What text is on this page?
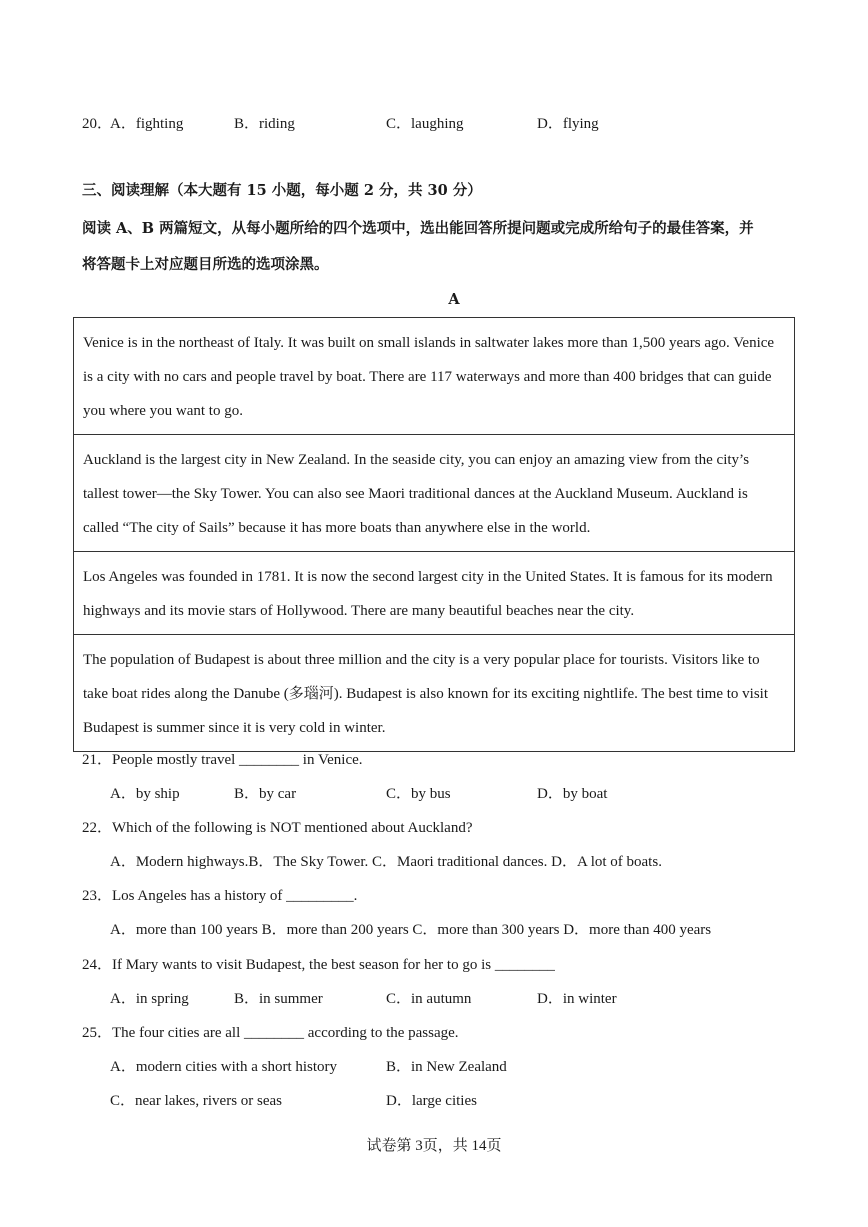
20．
A．fighting	B．riding	C．laughing	D．flying
三、阅读理解（本大题有 15 小题，每小题 2 分，共 30 分）
阅读 A、B 两篇短文，从每小题所给的四个选项中，选出能回答所提问题或完成所给句子的最佳答案，并
将答题卡上对应题目所选的选项涂黑。
A
Venice is in the northeast of Italy. It was built on small islands in saltwater lakes more than 1,500 years ago. Venice is a city with no cars and people travel by boat. There are 117 waterways and more than 400 bridges that can guide you where you want to go.
Auckland is the largest city in New Zealand. In the seaside city, you can enjoy an amazing view from the city’s tallest tower—the Sky Tower. You can also see Maori traditional dances at the Auckland Museum. Auckland is called “The city of Sails” because it has more boats than anywhere else in the world.
Los Angeles was founded in 1781. It is now the second largest city in the United States. It is famous for its modern highways and its movie stars of Hollywood. There are many beautiful beaches near the city.
The population of Budapest is about three million and the city is a very popular place for tourists. Visitors like to take boat rides along the Danube (多瑙河). Budapest is also known for its exciting nightlife. The best time to visit Budapest is summer since it is very cold in winter.
21．People mostly travel ________ in Venice.
A．by ship	B．by car	C．by bus	D．by boat
22．Which of the following is NOT mentioned about Auckland?
A．Modern highways.B．The Sky Tower. C．Maori traditional dances. D．A lot of boats.
23．Los Angeles has a history of _________.
A．more than 100 years B．more than 200 years C．more than 300 years D．more than 400 years
24．If Mary wants to visit Budapest, the best season for her to go is ________
A．in spring	B．in summer	C．in autumn	D．in winter
25．The four cities are all ________ according to the passage.
A．modern cities with a short history	B．in New Zealand
C．near lakes, rivers or seas	D．large cities
试卷第 3页，共 14页
